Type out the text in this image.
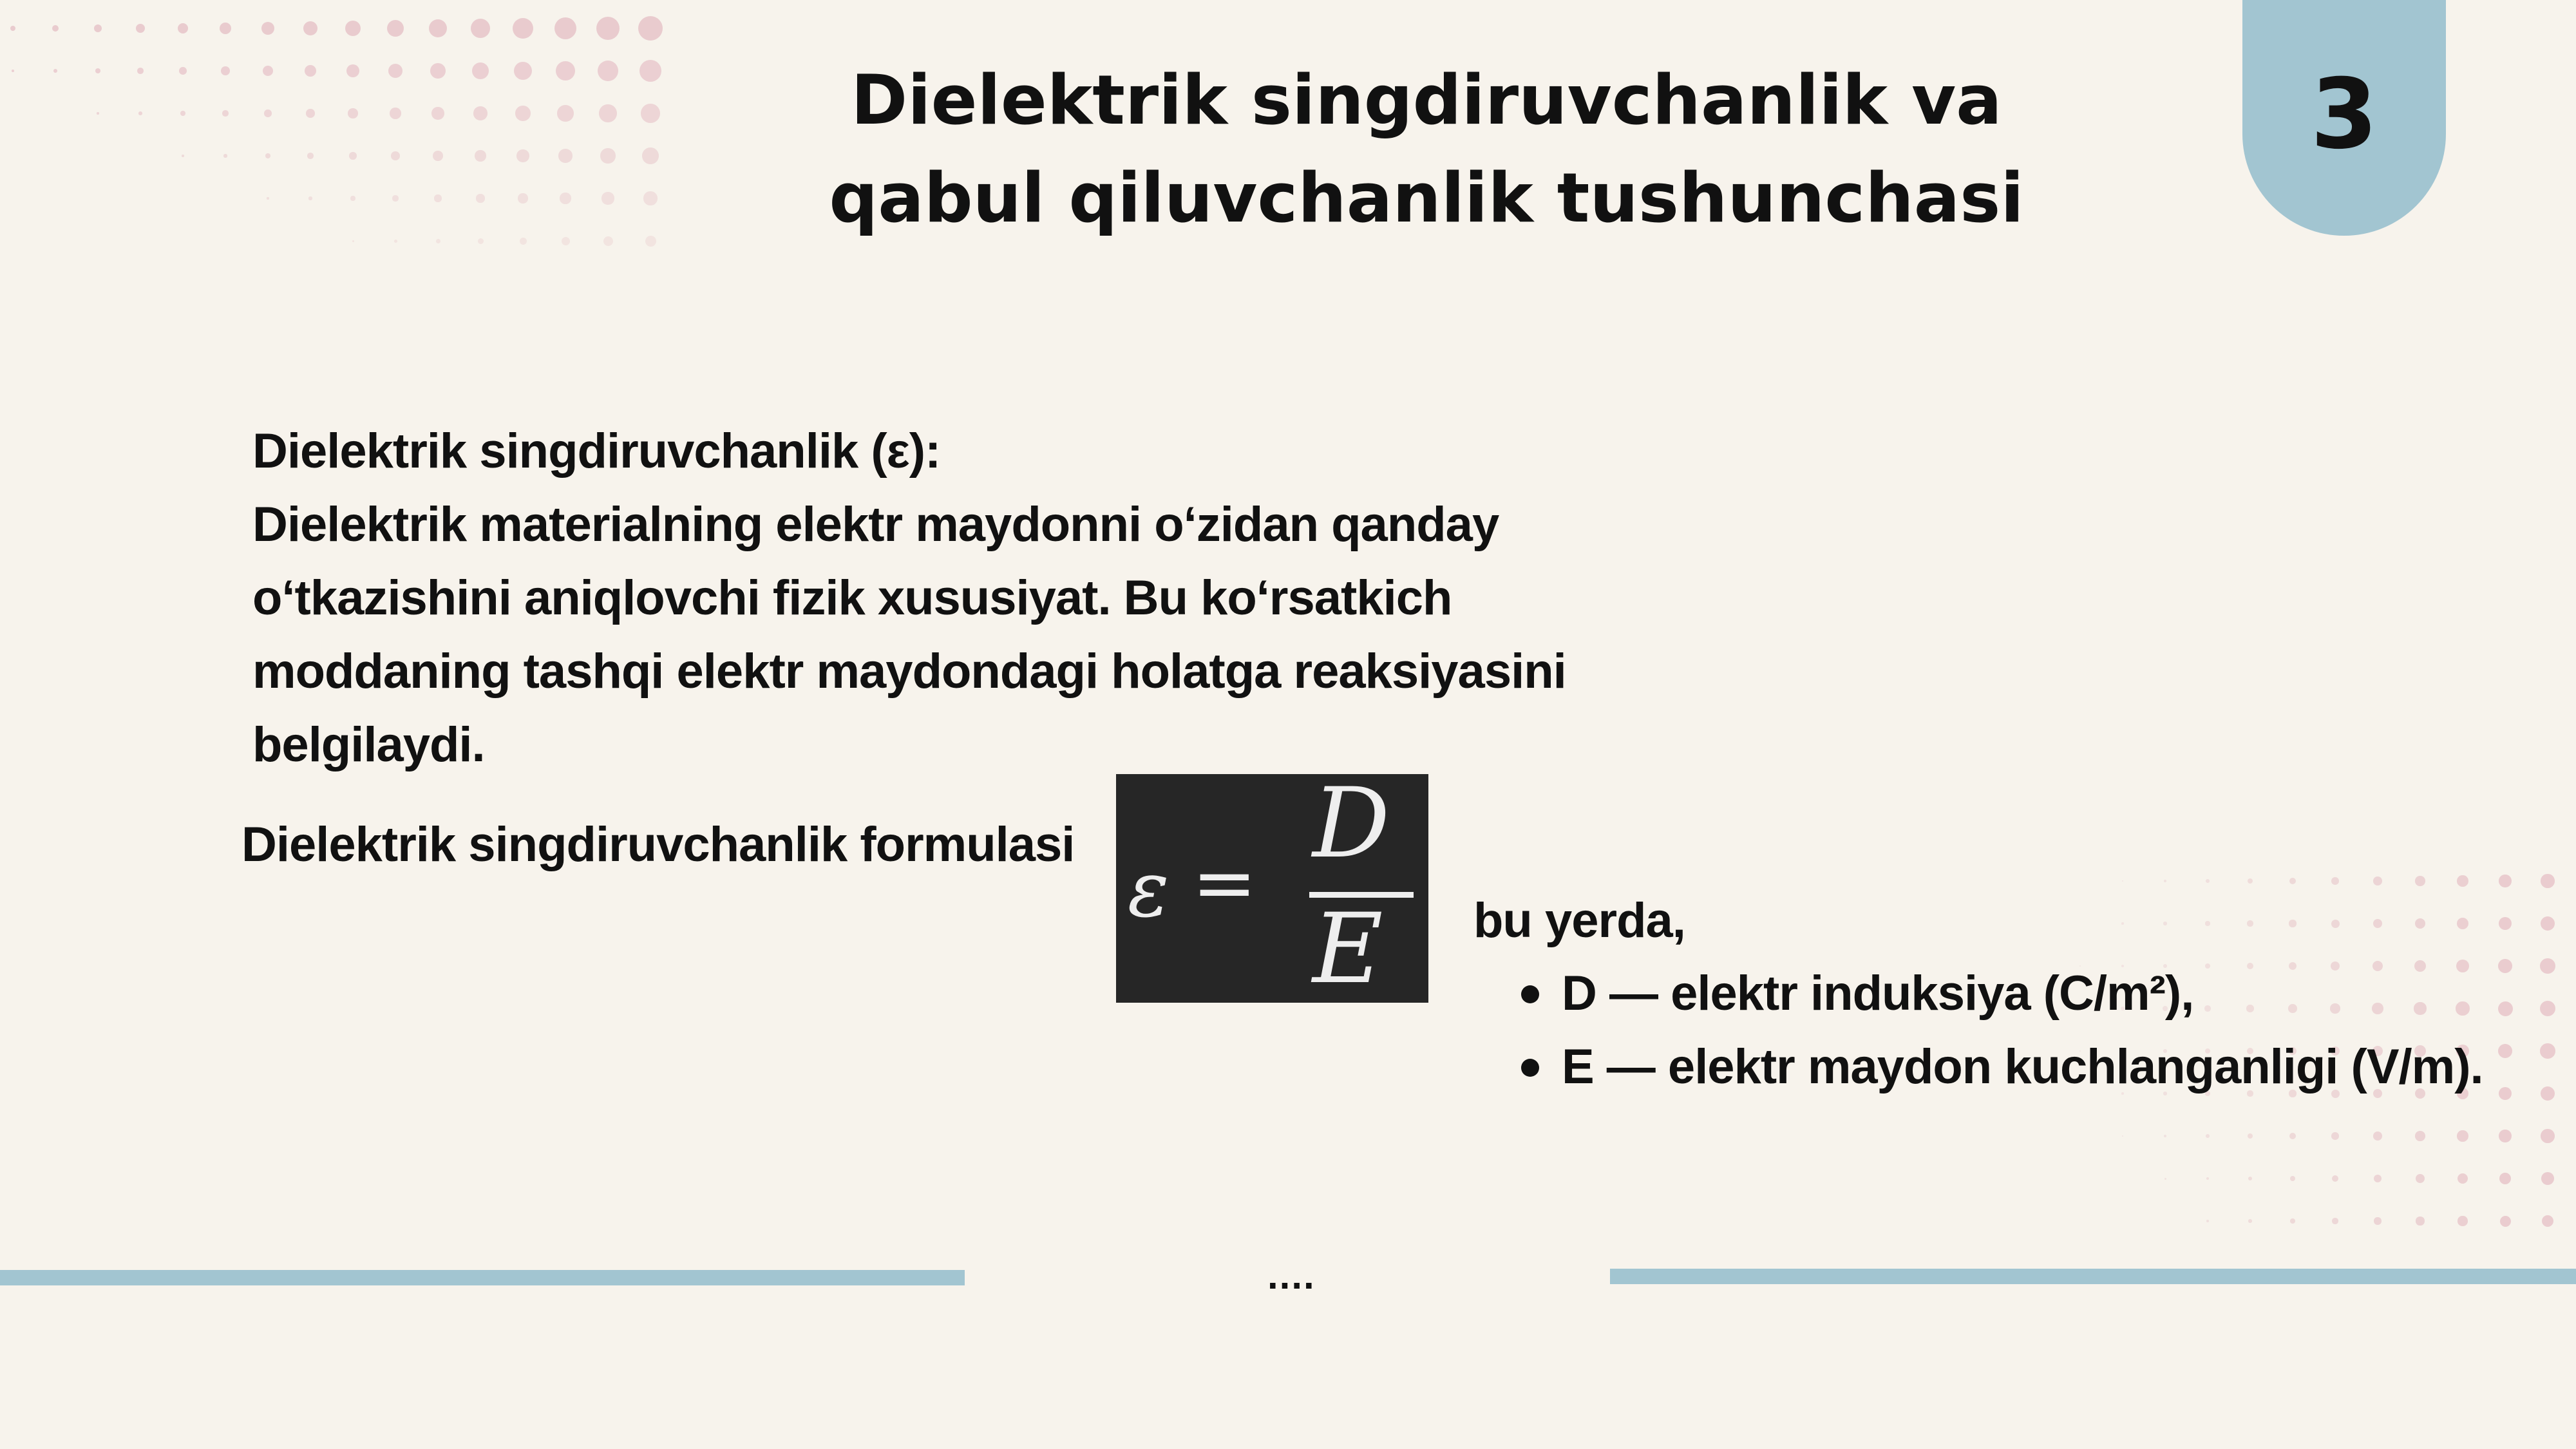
Dielektrik singdiruvchanlik va
qabul qiluvchanlik tushunchasi
3
Dielektrik singdiruvchanlik (ε):
Dielektrik materialning elektr maydonni oʻzidan qanday
oʻtkazishini aniqlovchi fizik xususiyat. Bu koʻrsatkich
moddaning tashqi elektr maydondagi holatga reaksiyasini
belgilaydi.
Dielektrik singdiruvchanlik formulasi
ε =
D
E bu yerda,
D — elektr induksiya (C/m²),
E — elektr maydon kuchlanganligi (V/m).
....
